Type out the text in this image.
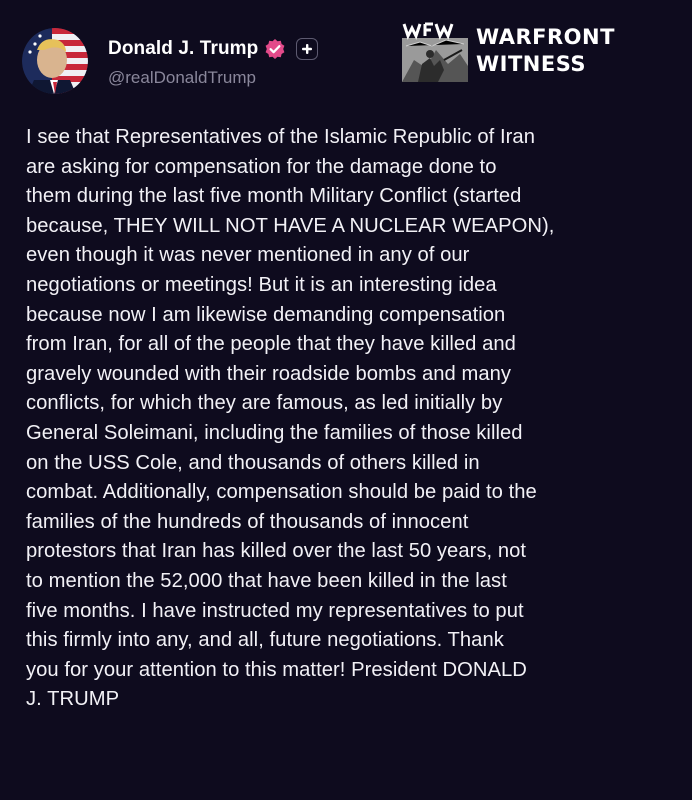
Donald J. Trump
@realDonaldTrump
WARFRONT
WITNESS
I see that Representatives of the Islamic Republic of Iran
are asking for compensation for the damage done to
them during the last five month Military Conflict (started
because, THEY WILL NOT HAVE A NUCLEAR WEAPON),
even though it was never mentioned in any of our
negotiations or meetings! But it is an interesting idea
because now I am likewise demanding compensation
from Iran, for all of the people that they have killed and
gravely wounded with their roadside bombs and many
conflicts, for which they are famous, as led initially by
General Soleimani, including the families of those killed
on the USS Cole, and thousands of others killed in
combat. Additionally, compensation should be paid to the
families of the hundreds of thousands of innocent
protestors that Iran has killed over the last 50 years, not
to mention the 52,000 that have been killed in the last
five months. I have instructed my representatives to put
this firmly into any, and all, future negotiations. Thank
you for your attention to this matter! President DONALD
J. TRUMP
